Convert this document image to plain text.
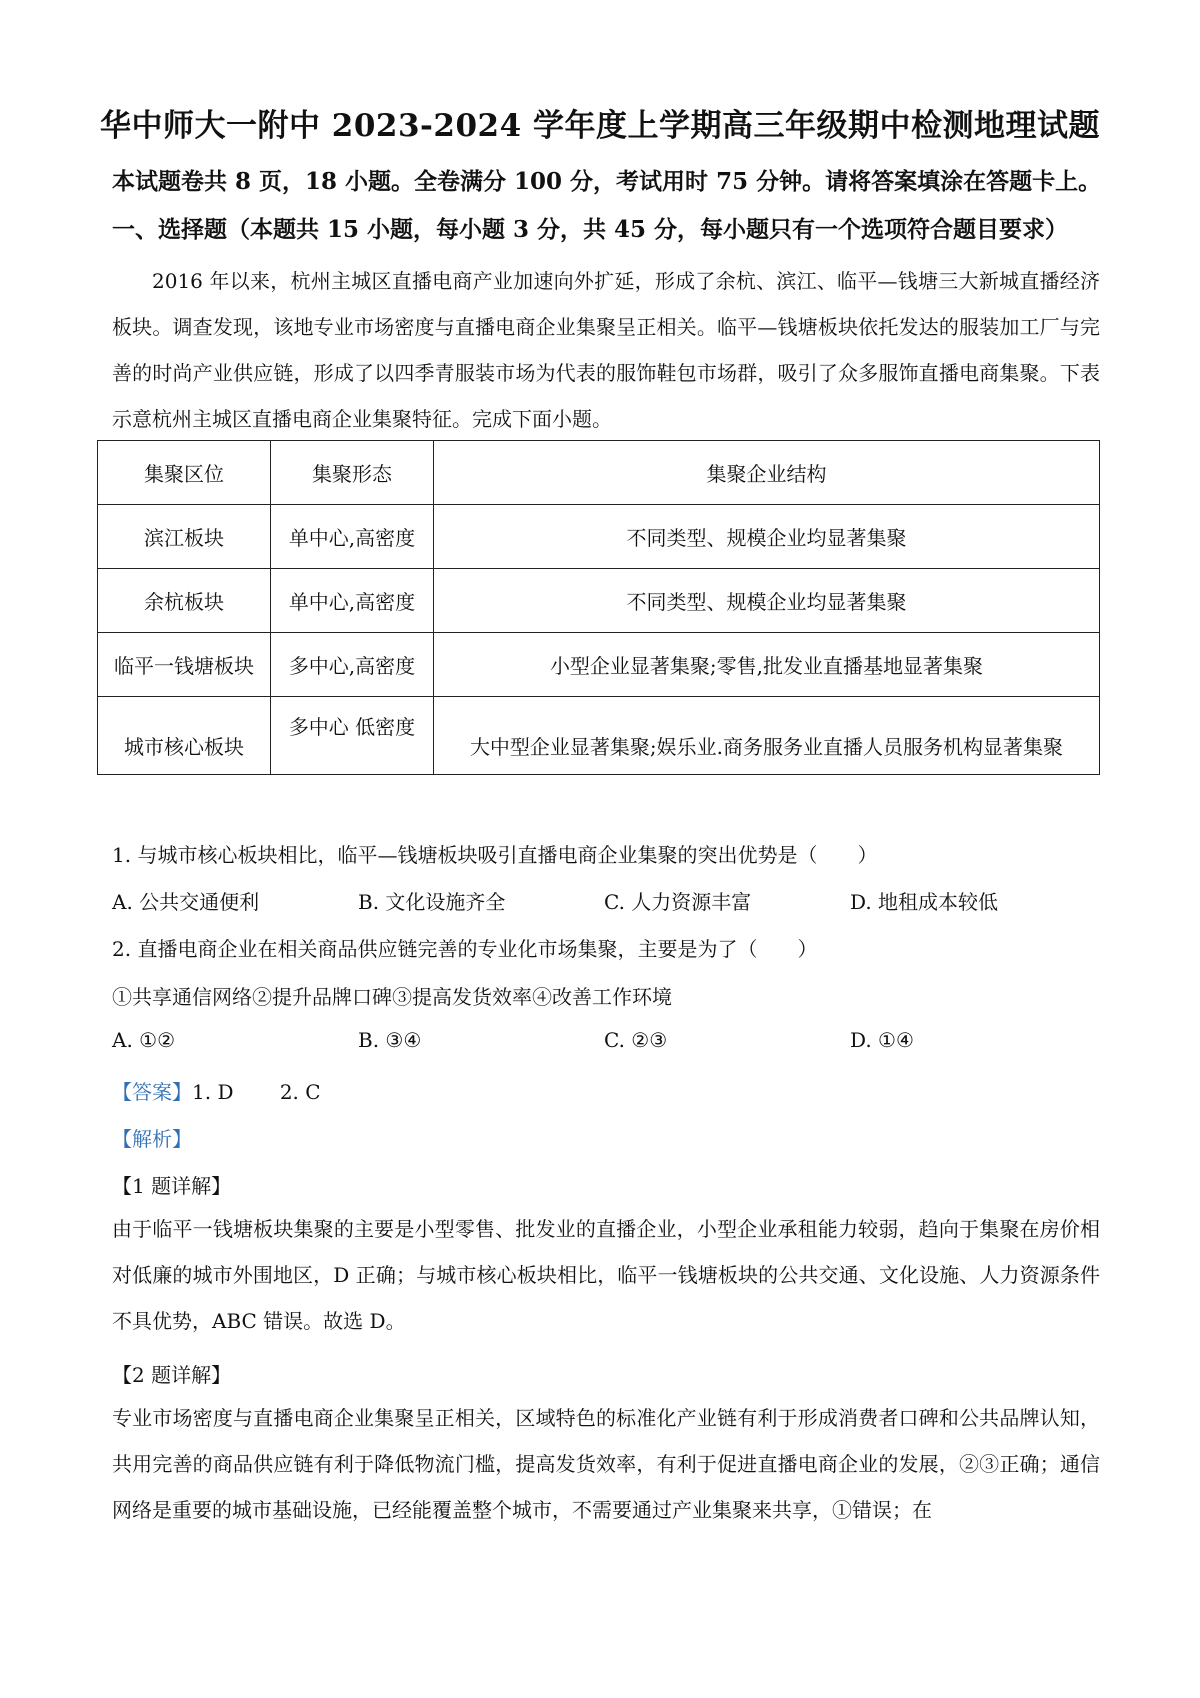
华中师大一附中 2023-2024 学年度上学期高三年级期中检测地理试题
本试题卷共 8 页，18 小题。全卷满分 100 分，考试用时 75 分钟。请将答案填涂在答题卡上。
一、选择题（本题共 15 小题，每小题 3 分，共 45 分，每小题只有一个选项符合题目要求）
2016 年以来，杭州主城区直播电商产业加速向外扩延，形成了余杭、滨江、临平—钱塘三大新城直播经济板块。调查发现，该地专业市场密度与直播电商企业集聚呈正相关。临平—钱塘板块依托发达的服装加工厂与完善的时尚产业供应链，形成了以四季青服装市场为代表的服饰鞋包市场群，吸引了众多服饰直播电商集聚。下表示意杭州主城区直播电商企业集聚特征。完成下面小题。
集聚区位	集聚形态	集聚企业结构
滨江板块	单中心,高密度	不同类型、规模企业均显著集聚
余杭板块	单中心,高密度	不同类型、规模企业均显著集聚
临平一钱塘板块	多中心,高密度	小型企业显著集聚;零售,批发业直播基地显著集聚
城市核心板块	多中心 低密度	大中型企业显著集聚;娱乐业.商务服务业直播人员服务机构显著集聚
1. 与城市核心板块相比，临平—钱塘板块吸引直播电商企业集聚的突出优势是（　　）
A. 公共交通便利	B. 文化设施齐全	C. 人力资源丰富	D. 地租成本较低
2. 直播电商企业在相关商品供应链完善的专业化市场集聚，主要是为了（　　）
①共享通信网络②提升品牌口碑③提高发货效率④改善工作环境
A. ①②	B. ③④	C. ②③	D. ①④
【答案】1. D　　 2. C
【解析】
【1 题详解】
由于临平一钱塘板块集聚的主要是小型零售、批发业的直播企业，小型企业承租能力较弱，趋向于集聚在房价相对低廉的城市外围地区，D 正确；与城市核心板块相比，临平一钱塘板块的公共交通、文化设施、人力资源条件不具优势，ABC 错误。故选 D。
【2 题详解】
专业市场密度与直播电商企业集聚呈正相关，区域特色的标准化产业链有利于形成消费者口碑和公共品牌认知，共用完善的商品供应链有利于降低物流门槛，提高发货效率，有利于促进直播电商企业的发展，②③正确；通信网络是重要的城市基础设施，已经能覆盖整个城市，不需要通过产业集聚来共享，①错误；在
